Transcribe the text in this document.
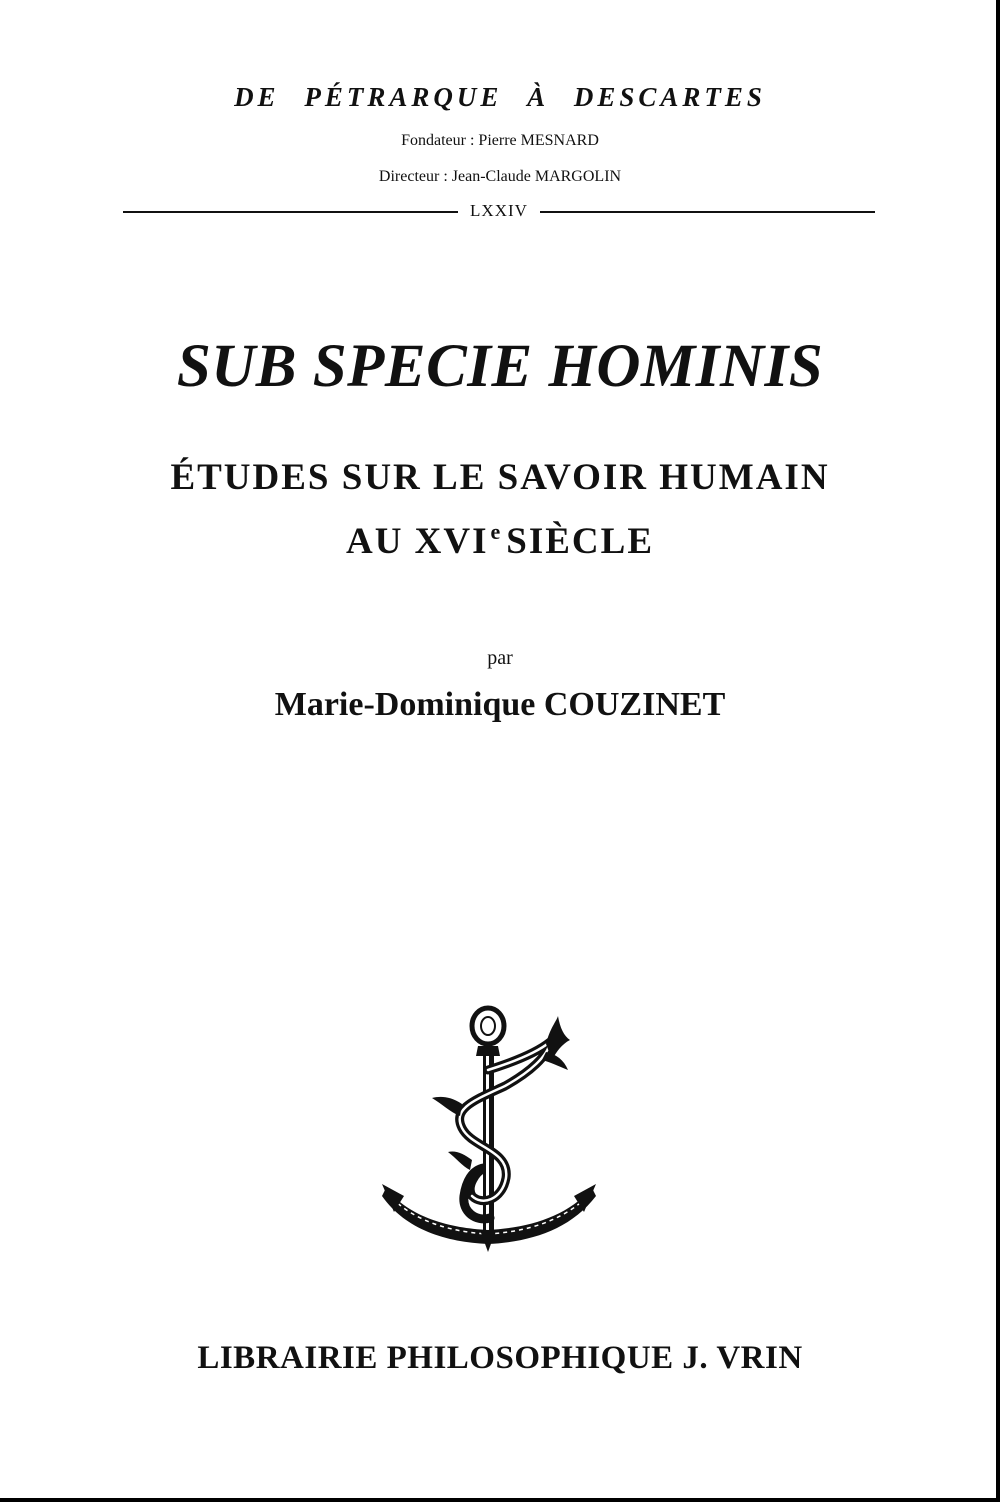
DE PÉTRARQUE À DESCARTES
Fondateur : Pierre MESNARD
Directeur : Jean-Claude MARGOLIN
LXXIV
SUB SPECIE HOMINIS
ÉTUDES SUR LE SAVOIR HUMAIN
AU XVIe SIÈCLE
par
Marie-Dominique COUZINET
LIBRAIRIE PHILOSOPHIQUE J. VRIN
